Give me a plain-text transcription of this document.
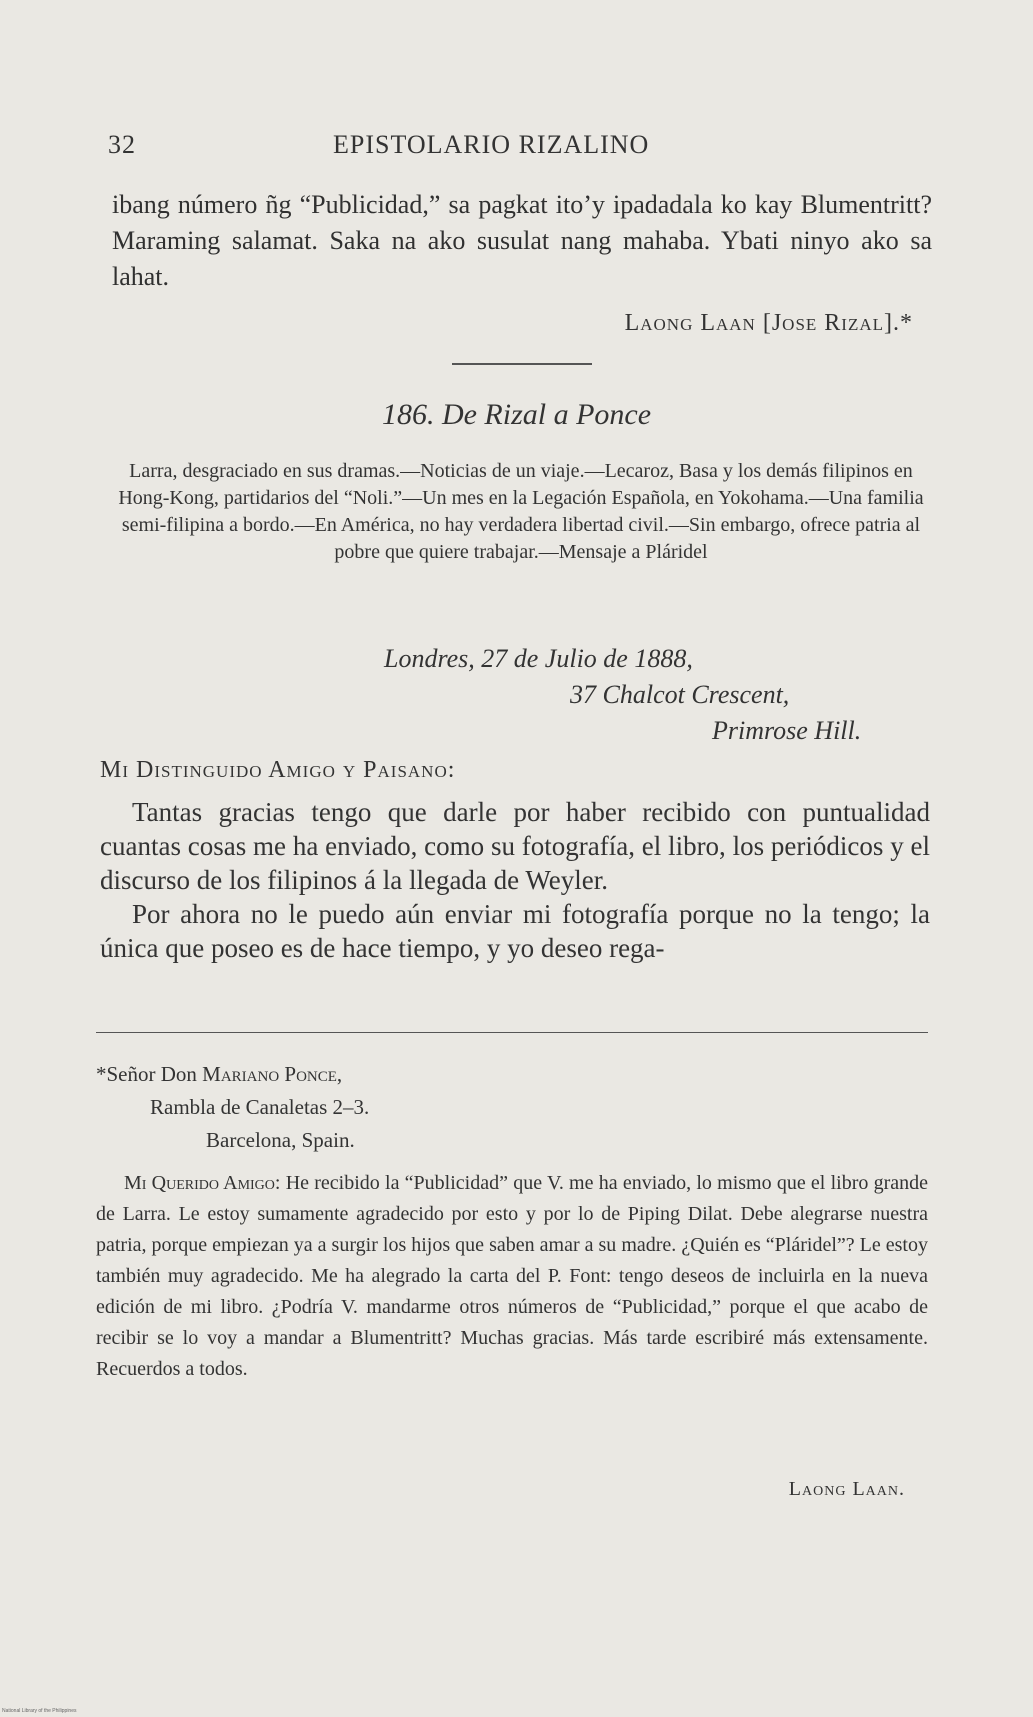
32	EPISTOLARIO RIZALINO
ibang número ñg “Publicidad,” sa pagkat ito’y ipadadala ko kay Blumentritt? Maraming salamat. Saka na ako susulat nang mahaba. Ybati ninyo ako sa lahat.
Laong Laan [Jose Rizal].*
186. De Rizal a Ponce
Larra, desgraciado en sus dramas.—Noticias de un viaje.—Lecaroz, Basa y los demás filipinos en Hong-Kong, partidarios del “Noli.”—Un mes en la Legación Española, en Yokohama.—Una familia semi-filipina a bordo.—En América, no hay verdadera libertad civil.—Sin embargo, ofrece patria al pobre que quiere trabajar.—Mensaje a Pláridel
Londres, 27 de Julio de 1888,
37 Chalcot Crescent,
Primrose Hill.
Mi Distinguido Amigo y Paisano:

Tantas gracias tengo que darle por haber recibido con puntualidad cuantas cosas me ha enviado, como su fotografía, el libro, los periódicos y el discurso de los filipinos á la llegada de Weyler.

Por ahora no le puedo aún enviar mi fotografía porque no la tengo; la única que poseo es de hace tiempo, y yo deseo rega-

*Señor Don Mariano Ponce,
Rambla de Canaletas 2–3.
Barcelona, Spain.

Mi Querido Amigo: He recibido la “Publicidad” que V. me ha enviado, lo mismo que el libro grande de Larra. Le estoy sumamente agradecido por esto y por lo de Piping Dilat. Debe alegrarse nuestra patria, porque empiezan ya a surgir los hijos que saben amar a su madre. ¿Quién es “Pláridel”? Le estoy también muy agradecido. Me ha alegrado la carta del P. Font: tengo deseos de incluirla en la nueva edición de mi libro. ¿Podría V. mandarme otros números de “Publicidad,” porque el que acabo de recibir se lo voy a mandar a Blumentritt? Muchas gracias. Más tarde escribiré más extensamente. Recuerdos a todos.

Laong Laan.
National Library of the Philippines
